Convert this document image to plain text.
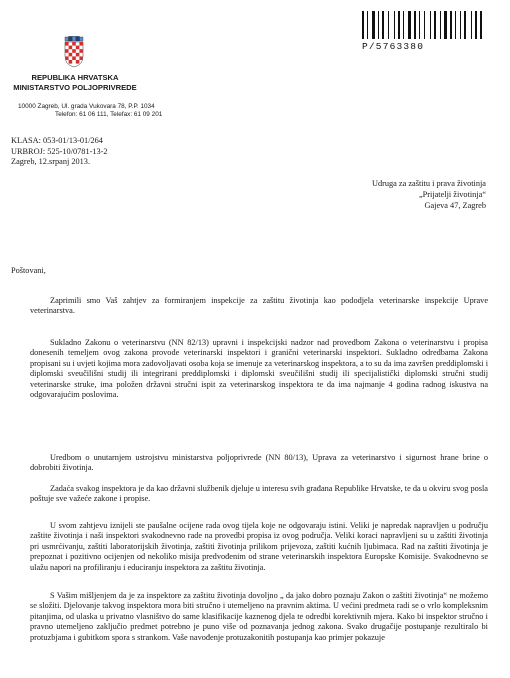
REPUBLIKA HRVATSKA
MINISTARSTVO POLJOPRIVREDE
10000 Zagreb, Ul. grada Vukovara 78, P.P. 1034
Telefon: 61 06 111, Telefax: 61 09 201
P/5763380
KLASA: 053-01/13-01/264
URBROJ: 525-10/0781-13-2
Zagreb, 12.srpanj 2013.
Udruga za zaštitu i prava životinja
„Prijatelji životinja“
Gajeva 47, Zagreb
Poštovani,

Zaprimili smo Vaš zahtjev za formiranjem inspekcije za zaštitu životinja kao pododjela veterinarske inspekcije Uprave veterinarstva.

Sukladno Zakonu o veterinarstvu (NN 82/13) upravni i inspekcijski nadzor nad provedbom Zakona o veterinarstvu i propisa donesenih temeljem ovog zakona provode veterinarski inspektori i granični veterinarski inspektori. Sukladno odredbama Zakona propisani su i uvjeti kojima mora zadovoljavati osoba koja se imenuje za veterinarskog inspektora, a to su da ima završen preddiplomski i diplomski sveučilišni studij ili integrirani preddiplomski i diplomski sveučilišni studij ili specijalistički diplomski stručni studij veterinarske struke, ima položen državni stručni ispit za veterinarskog inspektora te da ima najmanje 4 godina radnog iskustva na odgovarajućim poslovima.

Uredbom o unutarnjem ustrojstvu ministarstva poljoprivrede (NN 80/13), Uprava za veterinarstvo i sigurnost hrane brine o dobrobiti životinja.

Zadaća svakog inspektora je da kao državni službenik djeluje u interesu svih građana Republike Hrvatske, te da u okviru svog posla poštuje sve važeće zakone i propise.

U svom zahtjevu iznijeli ste paušalne ocijene rada ovog tijela koje ne odgovaraju istini. Veliki je napredak napravljen u području zaštite životinja i naši inspektori svakodnevno rade na provedbi propisa iz ovog područja. Veliki koraci napravljeni su u zaštiti životinja pri usmrćivanju, zaštiti laboratorijskih životinja, zaštiti životinja prilikom prijevoza, zaštiti kućnih ljubimaca. Rad na zaštiti životinja je prepoznat i pozitivno ocijenjen od nekoliko misija predvođenim od strane veterinarskih inspektora Europske Komisije. Svakodnevno se ulažu napori na profiliranju i educiranju inspektora za zaštitu životinja.

S Vašim mišljenjem da je za inspektore za zaštitu životinja dovoljno „ da jako dobro poznaju Zakon o zaštiti životinja“ ne možemo se složiti. Djelovanje takvog inspektora mora biti stručno i utemeljeno na pravnim aktima. U većini predmeta radi se o vrlo kompleksnim pitanjima, od ulaska u privatno vlasništvo do same klasifikacije kaznenog djela te odredbi korektivnih mjera. Kako bi inspektor stručno i pravno utemeljeno zaključio predmet potrebno je puno više od poznavanja jednog zakona. Svako drugačije postupanje rezultiralo bi protuzbjama i gubitkom spora s strankom. Vaše navođenje protuzakonitih postupanja kao primjer pokazuje
